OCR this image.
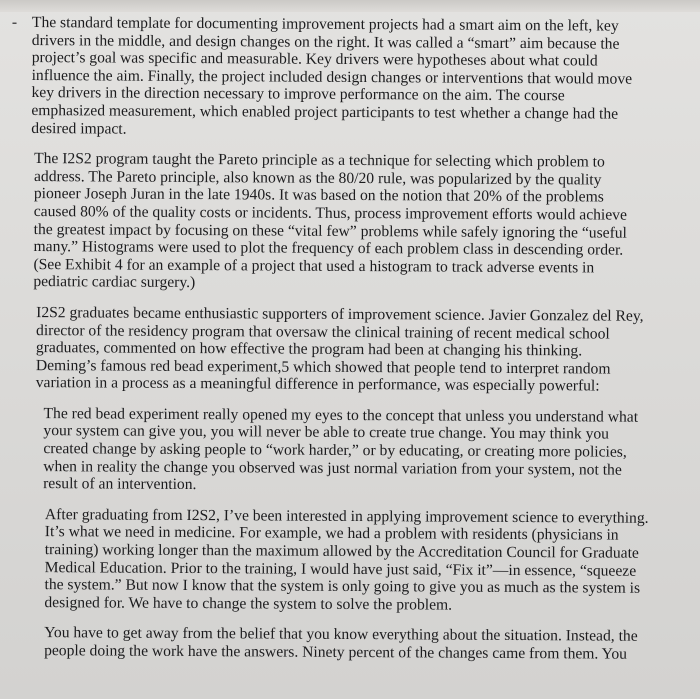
- The standard template for documenting improvement projects had a smart aim on the left, key
drivers in the middle, and design changes on the right. It was called a “smart” aim because the
project’s goal was specific and measurable. Key drivers were hypotheses about what could
influence the aim. Finally, the project included design changes or interventions that would move
key drivers in the direction necessary to improve performance on the aim. The course
emphasized measurement, which enabled project participants to test whether a change had the
desired impact.
The I2S2 program taught the Pareto principle as a technique for selecting which problem to
address. The Pareto principle, also known as the 80/20 rule, was popularized by the quality
pioneer Joseph Juran in the late 1940s. It was based on the notion that 20% of the problems
caused 80% of the quality costs or incidents. Thus, process improvement efforts would achieve
the greatest impact by focusing on these “vital few” problems while safely ignoring the “useful
many.” Histograms were used to plot the frequency of each problem class in descending order.
(See Exhibit 4 for an example of a project that used a histogram to track adverse events in
pediatric cardiac surgery.)
I2S2 graduates became enthusiastic supporters of improvement science. Javier Gonzalez del Rey,
director of the residency program that oversaw the clinical training of recent medical school
graduates, commented on how effective the program had been at changing his thinking.
Deming’s famous red bead experiment,5 which showed that people tend to interpret random
variation in a process as a meaningful difference in performance, was especially powerful:
The red bead experiment really opened my eyes to the concept that unless you understand what
your system can give you, you will never be able to create true change. You may think you
created change by asking people to “work harder,” or by educating, or creating more policies,
when in reality the change you observed was just normal variation from your system, not the
result of an intervention.
After graduating from I2S2, I’ve been interested in applying improvement science to everything.
It’s what we need in medicine. For example, we had a problem with residents (physicians in
training) working longer than the maximum allowed by the Accreditation Council for Graduate
Medical Education. Prior to the training, I would have just said, “Fix it”—in essence, “squeeze
the system.” But now I know that the system is only going to give you as much as the system is
designed for. We have to change the system to solve the problem.
You have to get away from the belief that you know everything about the situation. Instead, the
people doing the work have the answers. Ninety percent of the changes came from them. You
